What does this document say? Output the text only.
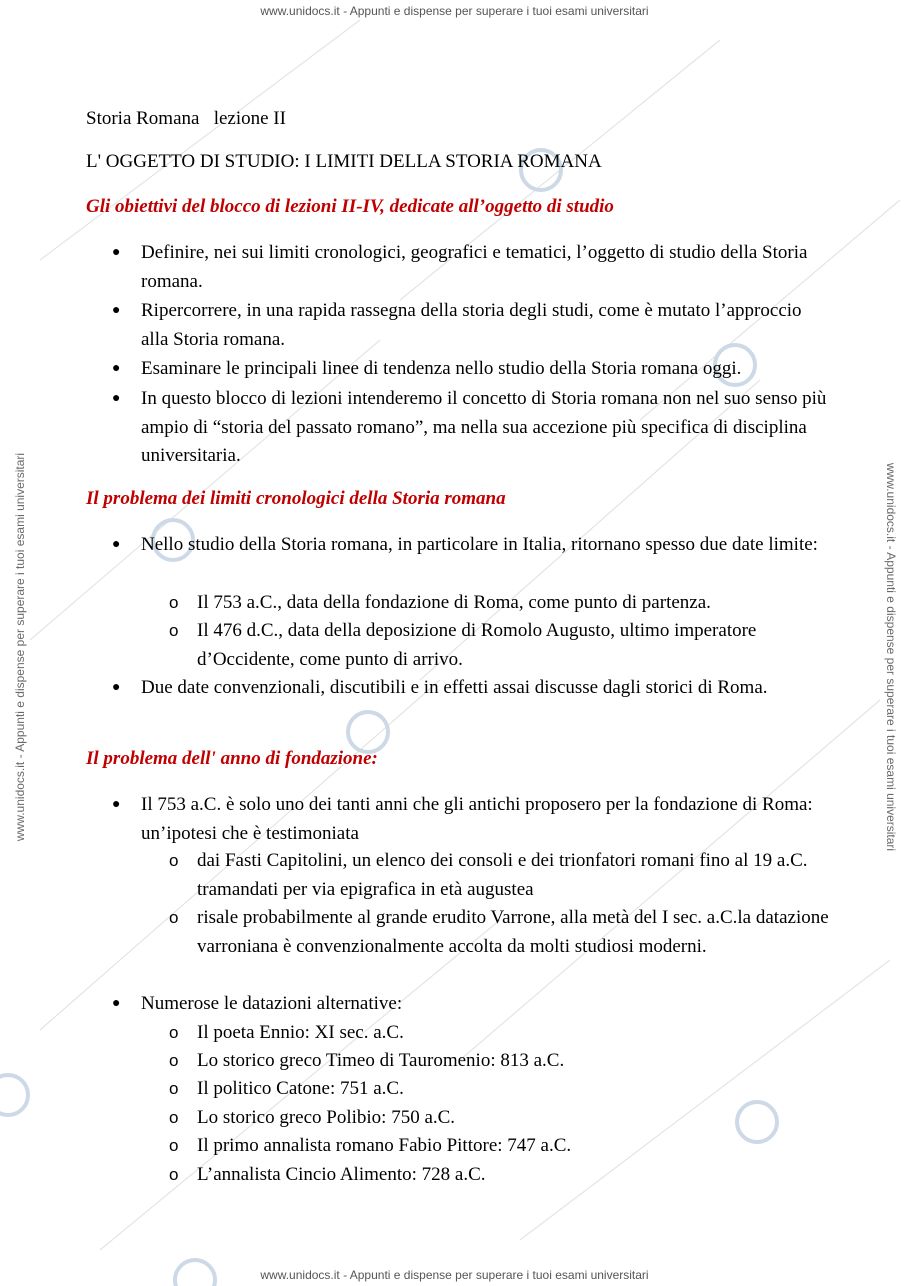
www.unidocs.it - Appunti e dispense per superare i tuoi esami universitari
www.unidocs.it - Appunti e dispense per superare i tuoi esami universitari
www.unidocs.it - Appunti e dispense per superare i tuoi esami universitari	www.unidocs.it - Appunti e dispense per superare i tuoi esami universitari
Storia Romana   lezione II
L' OGGETTO DI STUDIO: I LIMITI DELLA STORIA ROMANA
Gli obiettivi del blocco di lezioni II-IV, dedicate all’oggetto di studio
● Definire, nei sui limiti cronologici, geografici e tematici, l’oggetto di studio della Storia romana.
● Ripercorrere, in una rapida rassegna della storia degli studi, come è mutato l’approccio alla Storia romana.
● Esaminare le principali linee di tendenza nello studio della Storia romana oggi.
● In questo blocco di lezioni intenderemo il concetto di Storia romana non nel suo senso più ampio di “storia del passato romano”, ma nella sua accezione più specifica di disciplina universitaria.
Il problema dei limiti cronologici della Storia romana
● Nello studio della Storia romana, in particolare in Italia, ritornano spesso due date limite:
o Il 753 a.C., data della fondazione di Roma, come punto di partenza.
o Il 476 d.C., data della deposizione di Romolo Augusto, ultimo imperatore d’Occidente, come punto di arrivo.
● Due date convenzionali, discutibili e in effetti assai discusse dagli storici di Roma.
Il problema dell' anno di fondazione:
● Il 753 a.C. è solo uno dei tanti anni che gli antichi proposero per la fondazione di Roma: un’ipotesi che è testimoniata
o dai Fasti Capitolini, un elenco dei consoli e dei trionfatori romani fino al 19 a.C. tramandati per via epigrafica in età augustea
o risale probabilmente al grande erudito Varrone, alla metà del I sec. a.C.la datazione varroniana è convenzionalmente accolta da molti studiosi moderni.
● Numerose le datazioni alternative:
o Il poeta Ennio: XI sec. a.C.
o Lo storico greco Timeo di Tauromenio: 813 a.C.
o Il politico Catone: 751 a.C.
o Lo storico greco Polibio: 750 a.C.
o Il primo annalista romano Fabio Pittore: 747 a.C.
o L’annalista Cincio Alimento: 728 a.C.
